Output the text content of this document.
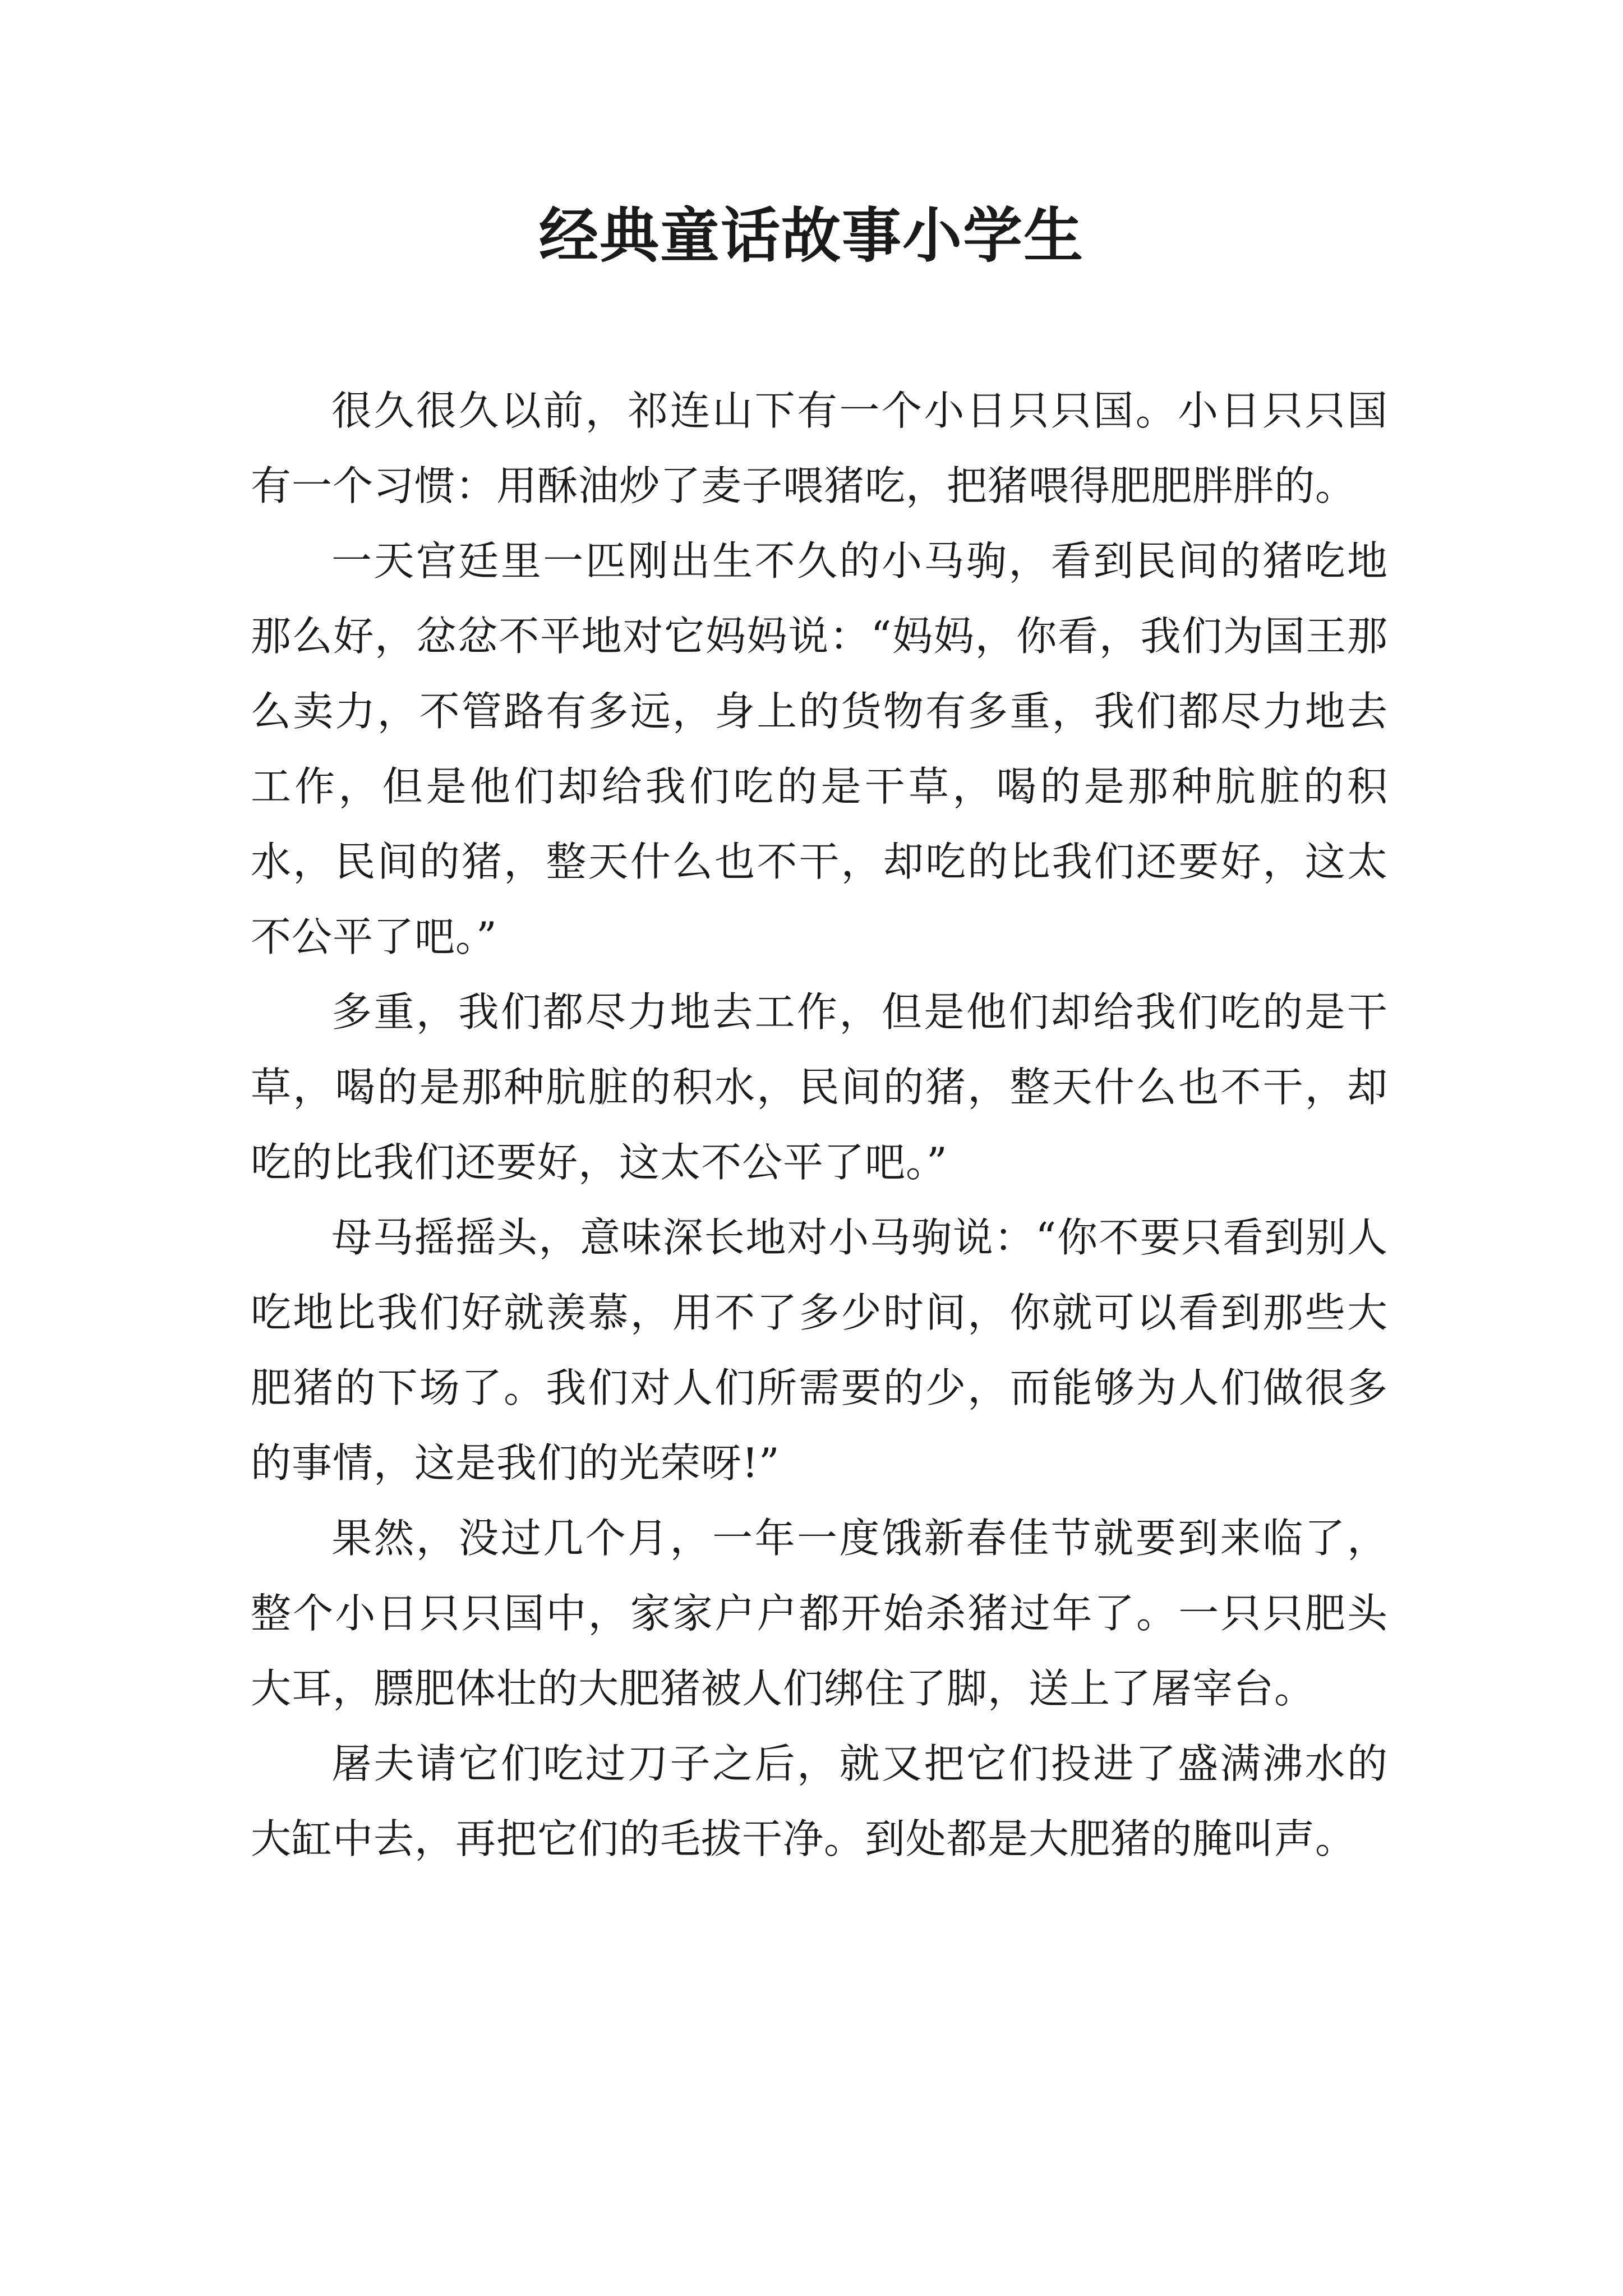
经典童话故事小学生

很久很久以前，祁连山下有一个小日只只国。小日只只国有一个习惯：用酥油炒了麦子喂猪吃，把猪喂得肥肥胖胖的。

一天宫廷里一匹刚出生不久的小马驹，看到民间的猪吃地那么好，忿忿不平地对它妈妈说：“妈妈，你看，我们为国王那么卖力，不管路有多远，身上的货物有多重，我们都尽力地去工作，但是他们却给我们吃的是干草，喝的是那种肮脏的积水，民间的猪，整天什么也不干，却吃的比我们还要好，这太不公平了吧。”

多重，我们都尽力地去工作，但是他们却给我们吃的是干草，喝的是那种肮脏的积水，民间的猪，整天什么也不干，却吃的比我们还要好，这太不公平了吧。”

母马摇摇头，意味深长地对小马驹说：“你不要只看到别人吃地比我们好就羡慕，用不了多少时间，你就可以看到那些大肥猪的下场了。我们对人们所需要的少，而能够为人们做很多的事情，这是我们的光荣呀!”

果然，没过几个月，一年一度饿新春佳节就要到来临了，整个小日只只国中，家家户户都开始杀猪过年了。一只只肥头大耳，膘肥体壮的大肥猪被人们绑住了脚，送上了屠宰台。

屠夫请它们吃过刀子之后，就又把它们投进了盛满沸水的大缸中去，再把它们的毛拔干净。到处都是大肥猪的腌叫声。
